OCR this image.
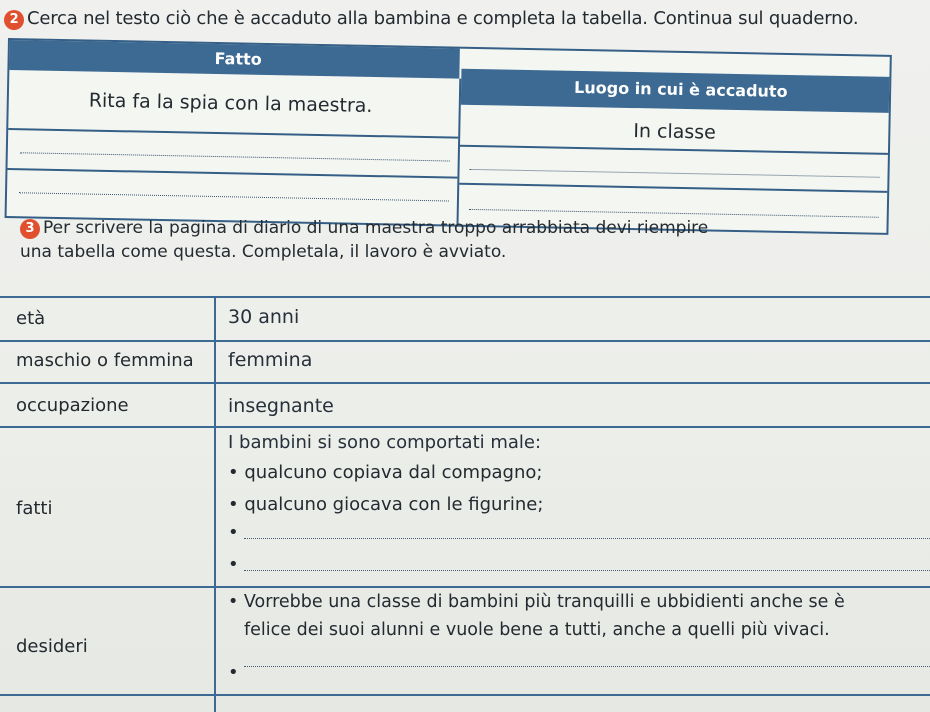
2 Cerca nel testo ciò che è accaduto alla bambina e completa la tabella. Continua sul quaderno.
Fatto
Luogo in cui è accaduto
Rita fa la spia con la maestra.
In classe
3 Per scrivere la pagina di diario di una maestra troppo arrabbiata devi riempire
una tabella come questa. Completala, il lavoro è avviato.
età	30 anni
maschio o femmina femmina
occupazione	insegnante
fatti
I bambini si sono comportati male:
• qualcuno copiava dal compagno;
• qualcuno giocava con le figurine;
•
•
desideri
• Vorrebbe una classe di bambini più tranquilli e ubbidienti anche se è
felice dei suoi alunni e vuole bene a tutti, anche a quelli più vivaci.
•
